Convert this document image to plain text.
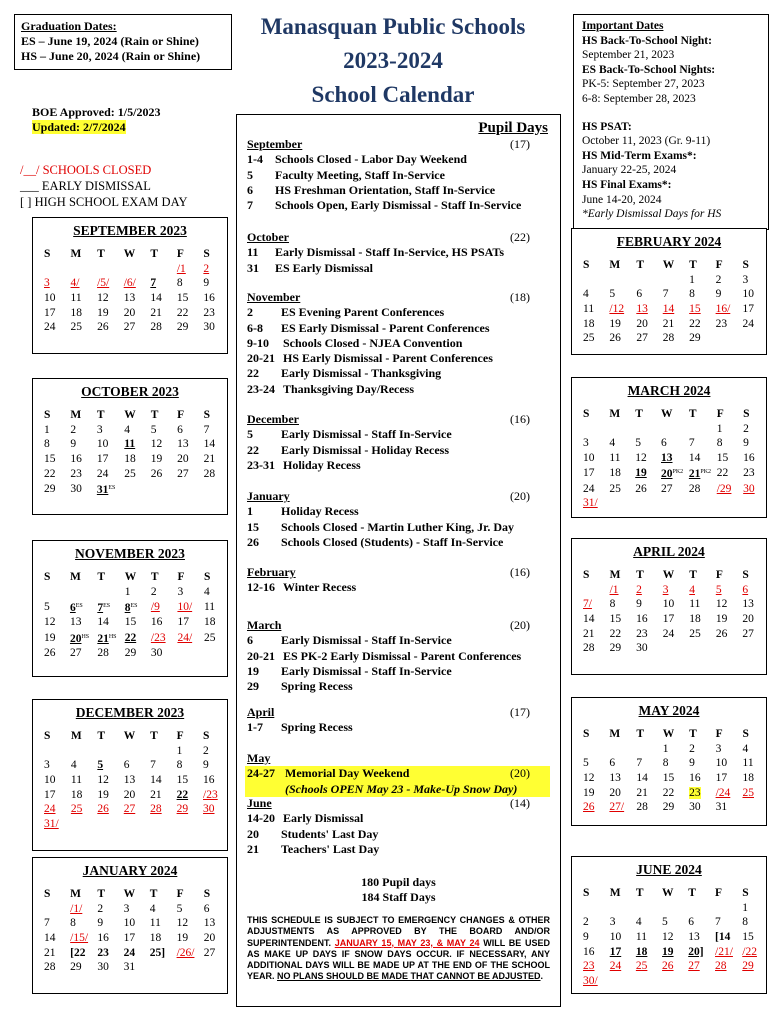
Graduation Dates:
ES – June 19, 2024 (Rain or Shine)
HS – June 20, 2024 (Rain or Shine)
Manasquan Public Schools
2023-2024
School Calendar
Important Dates
HS Back-To-School Night:
September 21, 2023
ES Back-To-School Nights:
PK-5: September 27, 2023
6-8: September 28, 2023
HS PSAT:
October 11, 2023 (Gr. 9-11)
HS Mid-Term Exams*:
January 22-25, 2024
HS Final Exams*:
June 14-20, 2024
*Early Dismissal Days for HS
BOE Approved: 1/5/2023
Updated: 2/7/2024
/__/ SCHOOLS CLOSED
___ EARLY DISMISSAL
[ ] HIGH SCHOOL EXAM DAY
Pupil Days
September	(17)
1-4	Schools Closed - Labor Day Weekend
5	Faculty Meeting, Staff In-Service
6	HS Freshman Orientation, Staff In-Service
7	Schools Open, Early Dismissal - Staff In-Service
October	(22)
11	Early Dismissal - Staff In-Service, HS PSATs
31	ES Early Dismissal
November	(18)
2	ES Evening Parent Conferences
6-8	ES Early Dismissal - Parent Conferences
9-10	Schools Closed - NJEA Convention
20-21 HS Early Dismissal - Parent Conferences
22	Early Dismissal - Thanksgiving
23-24 Thanksgiving Day/Recess
December	(16)
5	Early Dismissal - Staff In-Service
22	Early Dismissal - Holiday Recess
23-31 Holiday Recess
January	(20)
1	Holiday Recess
15	Schools Closed - Martin Luther King, Jr. Day
26	Schools Closed (Students) - Staff In-Service
February	(16)
12-16 Winter Recess
March	(20)
6	Early Dismissal - Staff In-Service
20-21 ES PK-2 Early Dismissal - Parent Conferences
19	Early Dismissal - Staff In-Service
29	Spring Recess
April	(17)
1-7	Spring Recess
May
24-27 Memorial Day Weekend	(20)
(Schools OPEN May 23 - Make-Up Snow Day)
June	(14)
14-20 Early Dismissal
20	Students' Last Day
21	Teachers' Last Day
180 Pupil days
184 Staff Days
THIS SCHEDULE IS SUBJECT TO EMERGENCY CHANGES & OTHER ADJUSTMENTS AS APPROVED BY THE BOARD AND/OR SUPERINTENDENT. JANUARY 15, MAY 23, & MAY 24 WILL BE USED AS MAKE UP DAYS IF SNOW DAYS OCCUR. IF NECESSARY, ANY ADDITIONAL DAYS WILL BE MADE UP AT THE END OF THE SCHOOL YEAR. NO PLANS SHOULD BE MADE THAT CANNOT BE ADJUSTED.
SEPTEMBER 2023
S	M	T	W	T	F	S
					/1	2
3	4/	/5/	/6/	7	8	9
10	11	12	13	14	15	16
17	18	19	20	21	22	23
24	25	26	27	28	29	30
OCTOBER 2023
S	M	T	W	T	F	S
1	2	3	4	5	6	7
8	9	10	11	12	13	14
15	16	17	18	19	20	21
22	23	24	25	26	27	28
29	30	$31^{ES}$				
NOVEMBER 2023
S	M	T	W	T	F	S
			1	2	3	4
5	$6^{ES}$	$7^{ES}$	$8^{ES}$	/9	10/	11
12	13	14	15	16	17	18
19	$20^{HS}$	$21^{HS}$	22	/23	24/	25
26	27	28	29	30		
DECEMBER 2023
S	M	T	W	T	F	S
					1	2
3	4	5	6	7	8	9
10	11	12	13	14	15	16
17	18	19	20	21	22	/23
24	25	26	27	28	29	30
31/						
JANUARY 2024
S	M	T	W	T	F	S
	/1/	2	3	4	5	6
7	8	9	10	11	12	13
14	/15/	16	17	18	19	20
21	[22	23	24	25]	/26/	27
28	29	30	31			
FEBRUARY 2024
S	M	T	W	T	F	S
				1	2	3
4	5	6	7	8	9	10
11	/12	13	14	15	16/	17
18	19	20	21	22	23	24
25	26	27	28	29		
MARCH 2024
S	M	T	W	T	F	S
					1	2
3	4	5	6	7	8	9
10	11	12	13	14	15	16
17	18	19	$20^{PK2}$	$21^{PK2}$	22	23
24	25	26	27	28	/29	30
31/						
APRIL 2024
S	M	T	W	T	F	S
	/1	2	3	4	5	6
7/	8	9	10	11	12	13
14	15	16	17	18	19	20
21	22	23	24	25	26	27
28	29	30				
MAY 2024
S	M	T	W	T	F	S
			1	2	3	4
5	6	7	8	9	10	11
12	13	14	15	16	17	18
19	20	21	22	23	/24	25
26	27/	28	29	30	31	
JUNE 2024
S	M	T	W	T	F	S
						1
2	3	4	5	6	7	8
9	10	11	12	13	[14	15
16	17	18	19	20]	/21/	/22
23	24	25	26	27	28	29
30/						
